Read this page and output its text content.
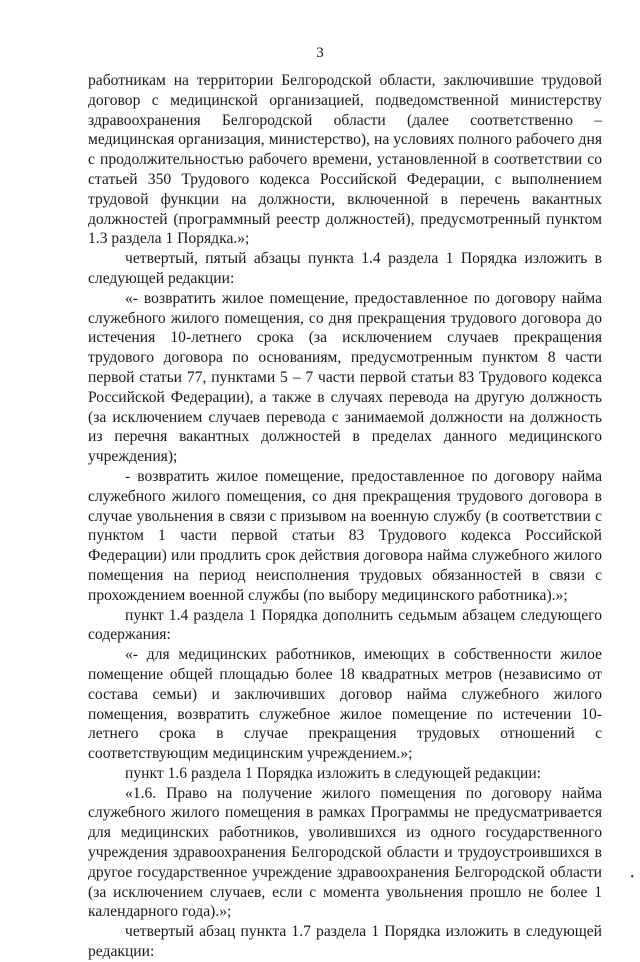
3

работникам на территории Белгородской области, заключившие трудовой договор с медицинской организацией, подведомственной министерству здравоохранения Белгородской области (далее соответственно – медицинская организация, министерство), на условиях полного рабочего дня с продолжительностью рабочего времени, установленной в соответствии со статьей 350 Трудового кодекса Российской Федерации, с выполнением трудовой функции на должности, включенной в перечень вакантных должностей (программный реестр должностей), предусмотренный пунктом 1.3 раздела 1 Порядка.»;

четвертый, пятый абзацы пункта 1.4 раздела 1 Порядка изложить в следующей редакции:

«- возвратить жилое помещение, предоставленное по договору найма служебного жилого помещения, со дня прекращения трудового договора до истечения 10-летнего срока (за исключением случаев прекращения трудового договора по основаниям, предусмотренным пунктом 8 части первой статьи 77, пунктами 5 – 7 части первой статьи 83 Трудового кодекса Российской Федерации), а также в случаях перевода на другую должность (за исключением случаев перевода с занимаемой должности на должность из перечня вакантных должностей в пределах данного медицинского учреждения);

- возвратить жилое помещение, предоставленное по договору найма служебного жилого помещения, со дня прекращения трудового договора в случае увольнения в связи с призывом на военную службу (в соответствии с пунктом 1 части первой статьи 83 Трудового кодекса Российской Федерации) или продлить срок действия договора найма служебного жилого помещения на период неисполнения трудовых обязанностей в связи с прохождением военной службы (по выбору медицинского работника).»;

пункт 1.4 раздела 1 Порядка дополнить седьмым абзацем следующего содержания:

«- для медицинских работников, имеющих в собственности жилое помещение общей площадью более 18 квадратных метров (независимо от состава семьи) и заключивших договор найма служебного жилого помещения, возвратить служебное жилое помещение по истечении 10-летнего срока в случае прекращения трудовых отношений с соответствующим медицинским учреждением.»;

пункт 1.6 раздела 1 Порядка изложить в следующей редакции:

«1.6. Право на получение жилого помещения по договору найма служебного жилого помещения в рамках Программы не предусматривается для медицинских работников, уволившихся из одного государственного учреждения здравоохранения Белгородской области и трудоустроившихся в другое государственное учреждение здравоохранения Белгородской области (за исключением случаев, если с момента увольнения прошло не более 1 календарного года).»;

четвертый абзац пункта 1.7 раздела 1 Порядка изложить в следующей редакции:

•
